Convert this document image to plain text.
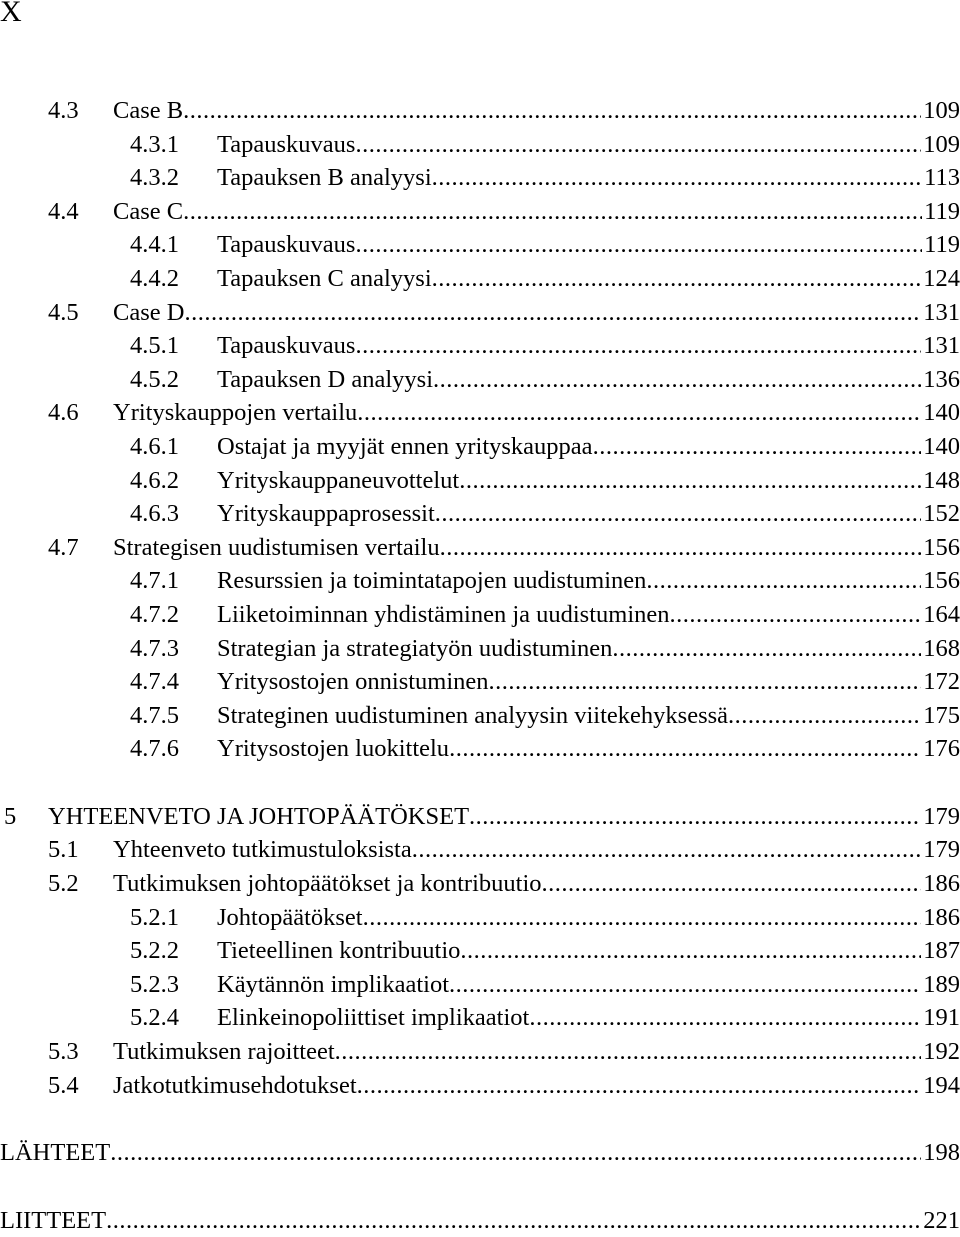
X
4.3 Case B .....	109
4.3.1 Tapauskuvaus .....	109
4.3.2 Tapauksen B analyysi .....	113
4.4 Case C .....	119
4.4.1 Tapauskuvaus .....	119
4.4.2 Tapauksen C analyysi .....	124
4.5 Case D .....	131
4.5.1 Tapauskuvaus .....	131
4.5.2 Tapauksen D analyysi .....	136
4.6 Yrityskauppojen vertailu .....	140
4.6.1 Ostajat ja myyjät ennen yrityskauppaa .....	140
4.6.2 Yrityskauppaneuvottelut .....	148
4.6.3 Yrityskauppaprosessit .....	152
4.7 Strategisen uudistumisen vertailu .....	156
4.7.1 Resurssien ja toimintatapojen uudistuminen .....	156
4.7.2 Liiketoiminnan yhdistäminen ja uudistuminen .....	164
4.7.3 Strategian ja strategiatyön uudistuminen .....	168
4.7.4 Yritysostojen onnistuminen .....	172
4.7.5 Strateginen uudistuminen analyysin viitekehyksessä .....	175
4.7.6 Yritysostojen luokittelu .....	176
5 YHTEENVETO JA JOHTOPÄÄTÖKSET .....	179
5.1 Yhteenveto tutkimustuloksista .....	179
5.2 Tutkimuksen johtopäätökset ja kontribuutio .....	186
5.2.1 Johtopäätökset .....	186
5.2.2 Tieteellinen kontribuutio .....	187
5.2.3 Käytännön implikaatiot .....	189
5.2.4 Elinkeinopoliittiset implikaatiot .....	191
5.3 Tutkimuksen rajoitteet .....	192
5.4 Jatkotutkimusehdotukset .....	194
LÄHTEET .....	198
LIITTEET .....	221
